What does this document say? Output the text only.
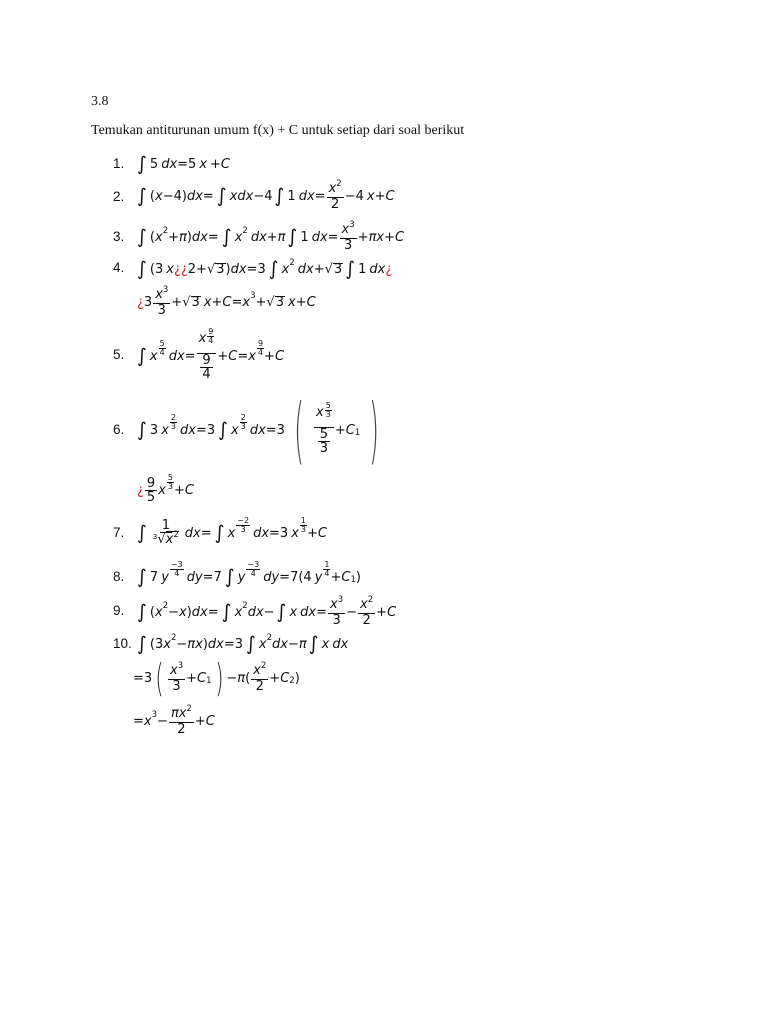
3.8
Temukan antiturunan umum f(x) + C untuk setiap dari soal berikut
1.
2.
3.
4.
5.
6.
7.
8.
9.
10.
∫ 5 dx =5 x + C
∫ ( x −4) dx = ∫ xdx −4 ∫ 1 dx = $\frac{x^2}{2} -4$ x + C
∫ ( x 2 + π ) dx = ∫ x 2 dx + π ∫ 1 dx = $\frac{x^3}{3} + \pi x + C$
∫ (3 x ¿¿ 2+ √ 3 ) dx =3 ∫ x 2 dx + √ 3 ∫ 1 dx ¿
¿ $3 \frac{x^3}{3}$ + √ 3 x + C = x 3 + √ 3 x + C
∫ x
5
4 dx = x $\frac{9}{4}$
9
4 + C = x
9
4 + C
∫ 3 x
2
3 dx =3 ∫ x
2
3 dx =3 ( x $\frac{5}{3}$
5
3 + C 1 )
¿ $\frac{9}{5}$ x
5
3 + C
∫ $\frac{1}{^3√x^2}$ dx = ∫ x
−2
3 dx =3 x
1
3 + C
∫ 7 y
−3
4 dy =7 ∫ y
−3
4 dy =7(4 y
1
4 + C 1 )
∫ ( x 2 − x ) dx = ∫ x 2 dx − ∫ x dx = $\frac{x^3}{3} - \frac{x^2}{2} + C$
∫ (3 x 2 − πx ) dx =3 ∫ x 2 dx − π ∫ x dx
=3 ( $\frac{x^3}{3} + C$ 1 ) − π ( $\frac{x^2}{2} + C$ 2 )
= x $3 - \frac{\pi x^2}{2} + C$
